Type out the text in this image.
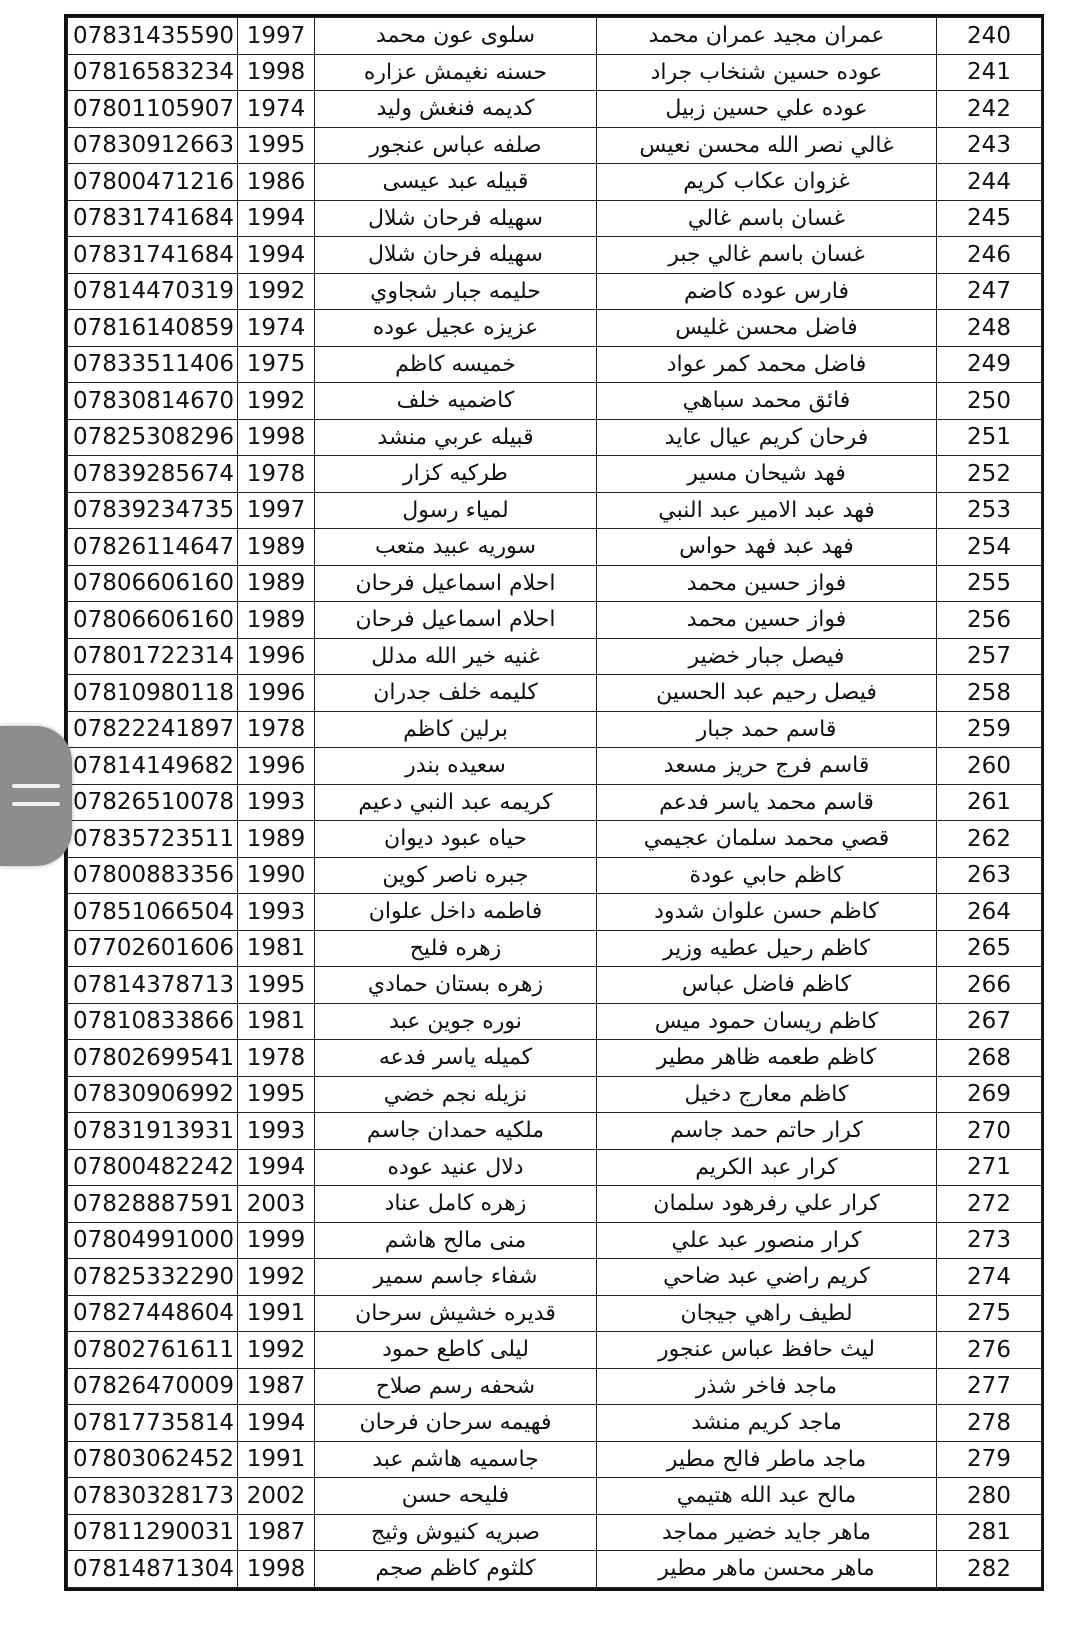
07831435590	1997	سلوى عون محمد	عمران مجيد عمران محمد	240
07816583234	1998	حسنه نغيمش عزاره	عوده حسين شنخاب جراد	241
07801105907	1974	كديمه فنغش وليد	عوده علي حسين زبيل	242
07830912663	1995	صلفه عباس عنجور	غالي نصر الله محسن نعيس	243
07800471216	1986	قبيله عبد عيسى	غزوان عكاب كريم	244
07831741684	1994	سهيله فرحان شلال	غسان باسم غالي	245
07831741684	1994	سهيله فرحان شلال	غسان باسم غالي جبر	246
07814470319	1992	حليمه جبار شجاوي	فارس عوده كاضم	247
07816140859	1974	عزيزه عجيل عوده	فاضل محسن غليس	248
07833511406	1975	خميسه كاظم	فاضل محمد كمر عواد	249
07830814670	1992	كاضميه خلف	فائق محمد سباهي	250
07825308296	1998	قبيله عربي منشد	فرحان كريم عيال عايد	251
07839285674	1978	طركيه كزار	فهد شيحان مسير	252
07839234735	1997	لمياء رسول	فهد عبد الامير عبد النبي	253
07826114647	1989	سوريه عبيد متعب	فهد عبد فهد حواس	254
07806606160	1989	احلام اسماعيل فرحان	فواز حسين محمد	255
07806606160	1989	احلام اسماعيل فرحان	فواز حسين محمد	256
07801722314	1996	غنيه خير الله مدلل	فيصل جبار خضير	257
07810980118	1996	كليمه خلف جدران	فيصل رحيم عبد الحسين	258
07822241897	1978	برلين كاظم	قاسم حمد جبار	259
07814149682	1996	سعيده بندر	قاسم فرج حريز مسعد	260
07826510078	1993	كريمه عبد النبي دعيم	قاسم محمد ياسر فدعم	261
07835723511	1989	حياه عبود ديوان	قصي محمد سلمان عجيمي	262
07800883356	1990	جبره ناصر كوين	كاظم حابي عودة	263
07851066504	1993	فاطمه داخل علوان	كاظم حسن علوان شدود	264
07702601606	1981	زهره فليح	كاظم رحيل عطيه وزير	265
07814378713	1995	زهره بستان حمادي	كاظم فاضل عباس	266
07810833866	1981	نوره جوين عبد	كاظم ريسان حمود ميس	267
07802699541	1978	كميله ياسر فدعه	كاظم طعمه ظاهر مطير	268
07830906992	1995	نزيله نجم خضي	كاظم معارج دخيل	269
07831913931	1993	ملكيه حمدان جاسم	كرار حاتم حمد جاسم	270
07800482242	1994	دلال عنيد عوده	كرار عبد الكريم	271
07828887591	2003	زهره كامل عناد	كرار علي رفرهود سلمان	272
07804991000	1999	منى مالح هاشم	كرار منصور عبد علي	273
07825332290	1992	شفاء جاسم سمير	كريم راضي عبد ضاحي	274
07827448604	1991	قديره خشيش سرحان	لطيف راهي جيجان	275
07802761611	1992	ليلى كاطع حمود	ليث حافظ عباس عنجور	276
07826470009	1987	شحفه رسم صلاح	ماجد فاخر شذر	277
07817735814	1994	فهيمه سرحان فرحان	ماجد كريم منشد	278
07803062452	1991	جاسميه هاشم عبد	ماجد ماطر فالح مطير	279
07830328173	2002	فليحه حسن	مالح عبد الله هتيمي	280
07811290031	1987	صبريه كنيوش وثيج	ماهر جايد خضير مماجد	281
07814871304	1998	كلثوم كاظم صجم	ماهر محسن ماهر مطير	282
